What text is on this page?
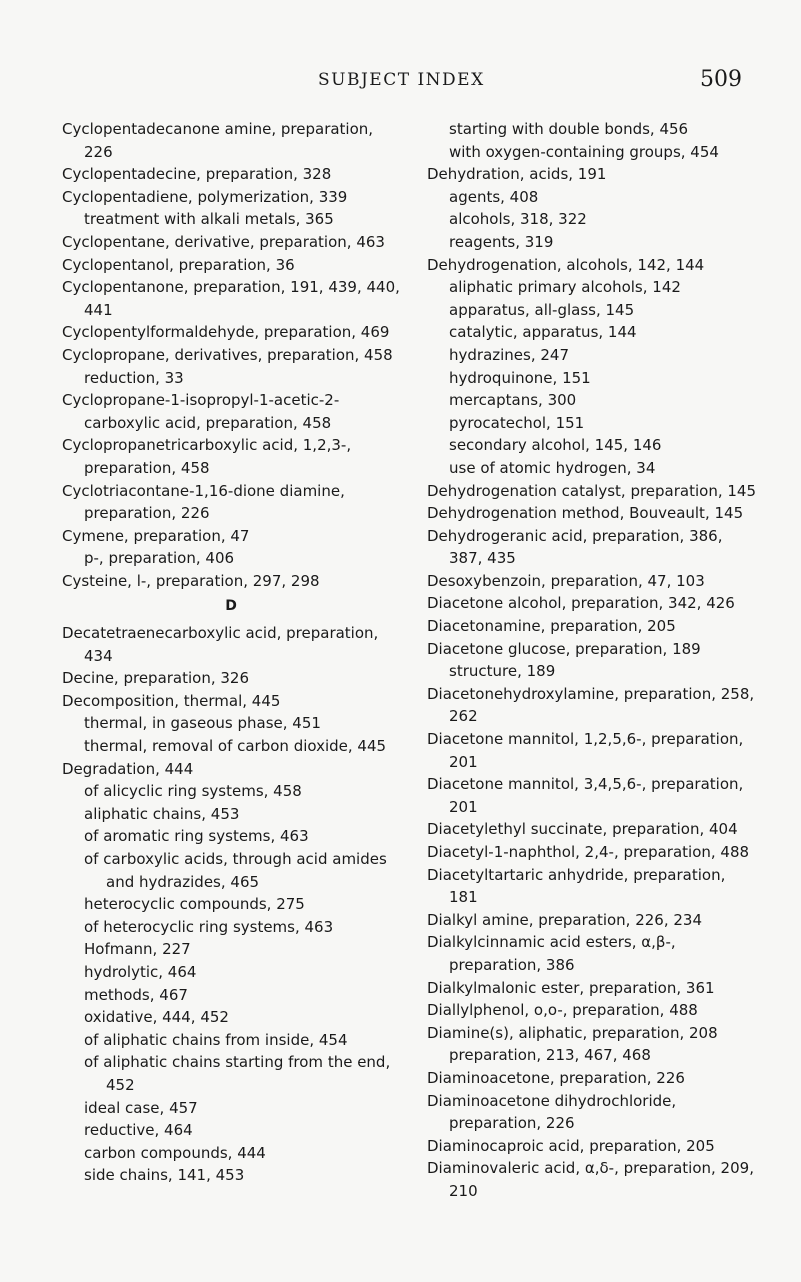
SUBJECT INDEX	509

Cyclopentadecanone amine, preparation, 226

Cyclopentadecine, preparation, 328

Cyclopentadiene, polymerization, 339

treatment with alkali metals, 365

Cyclopentane, derivative, preparation, 463

Cyclopentanol, preparation, 36

Cyclopentanone, preparation, 191, 439, 440, 441

Cyclopentylformaldehyde, preparation, 469

Cyclopropane, derivatives, preparation, 458

reduction, 33

Cyclopropane-1-isopropyl-1-acetic-2-carboxylic acid, preparation, 458

Cyclopropanetricarboxylic acid, 1,2,3-, preparation, 458

Cyclotriacontane-1,16-dione diamine, preparation, 226

Cymene, preparation, 47

p-, preparation, 406

Cysteine, l-, preparation, 297, 298

D

Decatetraenecarboxylic acid, preparation, 434

Decine, preparation, 326

Decomposition, thermal, 445

thermal, in gaseous phase, 451

thermal, removal of carbon dioxide, 445

Degradation, 444

of alicyclic ring systems, 458

aliphatic chains, 453

of aromatic ring systems, 463

of carboxylic acids, through acid amides and hydrazides, 465

heterocyclic compounds, 275

of heterocyclic ring systems, 463

Hofmann, 227

hydrolytic, 464

methods, 467

oxidative, 444, 452

of aliphatic chains from inside, 454

of aliphatic chains starting from the end, 452

ideal case, 457

reductive, 464

carbon compounds, 444

side chains, 141, 453

starting with double bonds, 456

with oxygen-containing groups, 454

Dehydration, acids, 191

agents, 408

alcohols, 318, 322

reagents, 319

Dehydrogenation, alcohols, 142, 144

aliphatic primary alcohols, 142

apparatus, all-glass, 145

catalytic, apparatus, 144

hydrazines, 247

hydroquinone, 151

mercaptans, 300

pyrocatechol, 151

secondary alcohol, 145, 146

use of atomic hydrogen, 34

Dehydrogenation catalyst, preparation, 145

Dehydrogenation method, Bouveault, 145

Dehydrogeranic acid, preparation, 386, 387, 435

Desoxybenzoin, preparation, 47, 103

Diacetone alcohol, preparation, 342, 426

Diacetonamine, preparation, 205

Diacetone glucose, preparation, 189

structure, 189

Diacetonehydroxylamine, preparation, 258, 262

Diacetone mannitol, 1,2,5,6-, preparation, 201

Diacetone mannitol, 3,4,5,6-, preparation, 201

Diacetylethyl succinate, preparation, 404

Diacetyl-1-naphthol, 2,4-, preparation, 488

Diacetyltartaric anhydride, preparation, 181

Dialkyl amine, preparation, 226, 234

Dialkylcinnamic acid esters, α,β-, preparation, 386

Dialkylmalonic ester, preparation, 361

Diallylphenol, o,o-, preparation, 488

Diamine(s), aliphatic, preparation, 208

preparation, 213, 467, 468

Diaminoacetone, preparation, 226

Diaminoacetone dihydrochloride, preparation, 226

Diaminocaproic acid, preparation, 205

Diaminovaleric acid, α,δ-, preparation, 209, 210
